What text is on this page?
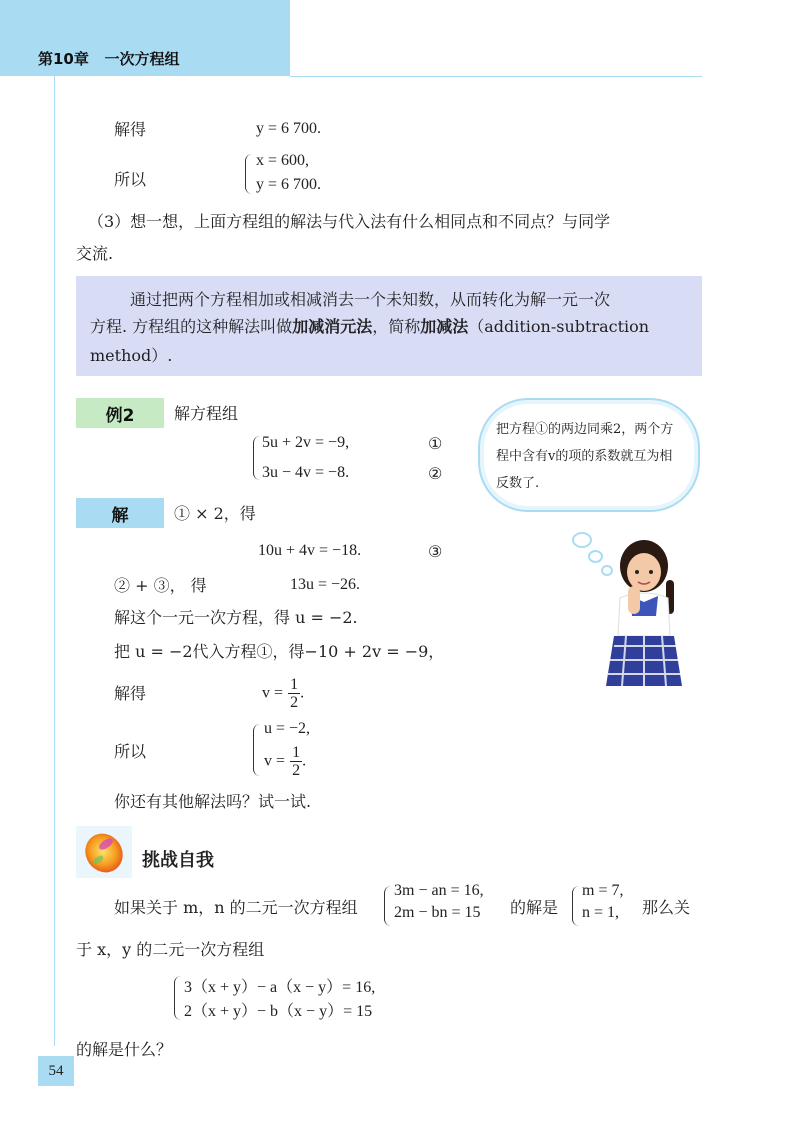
第10章 一次方程组
解得	y = 6 700.
所以
x = 600,
y = 6 700.
（3）想一想，上面方程组的解法与代入法有什么相同点和不同点？与同学
交流.

通过把两个方程相加或相减消去一个未知数，从而转化为解一元一次

方程. 方程组的这种解法叫做加减消元法，简称加减法（addition-subtraction

method）.

例2	解方程组
5u + 2v = −9,
3u − 4v = −8.
①
②
解	① × 2，得
10u + 4v = −18.	③
② + ③， 得	13u = −26.
解这个一元一次方程，得 u = −2.
把 u = −2代入方程①，得−10 + 2v = −9，
解得	$v = \frac{1}{2}$ .
所以
u = −2,
$v = \frac{1}{2}$ .
你还有其他解法吗？试一试.
把方程①的两边同乘2，两个方程中含有v的项的系数就互为相反数了.
挑战自我
如果关于 m，n 的二元一次方程组
3m − an = 16,
2m − bn = 15 的解是
m = 7,
n = 1, 那么关
于 x，y 的二元一次方程组
3（x + y）− a（x − y）= 16,
2（x + y）− b（x − y）= 15
的解是什么？
54
